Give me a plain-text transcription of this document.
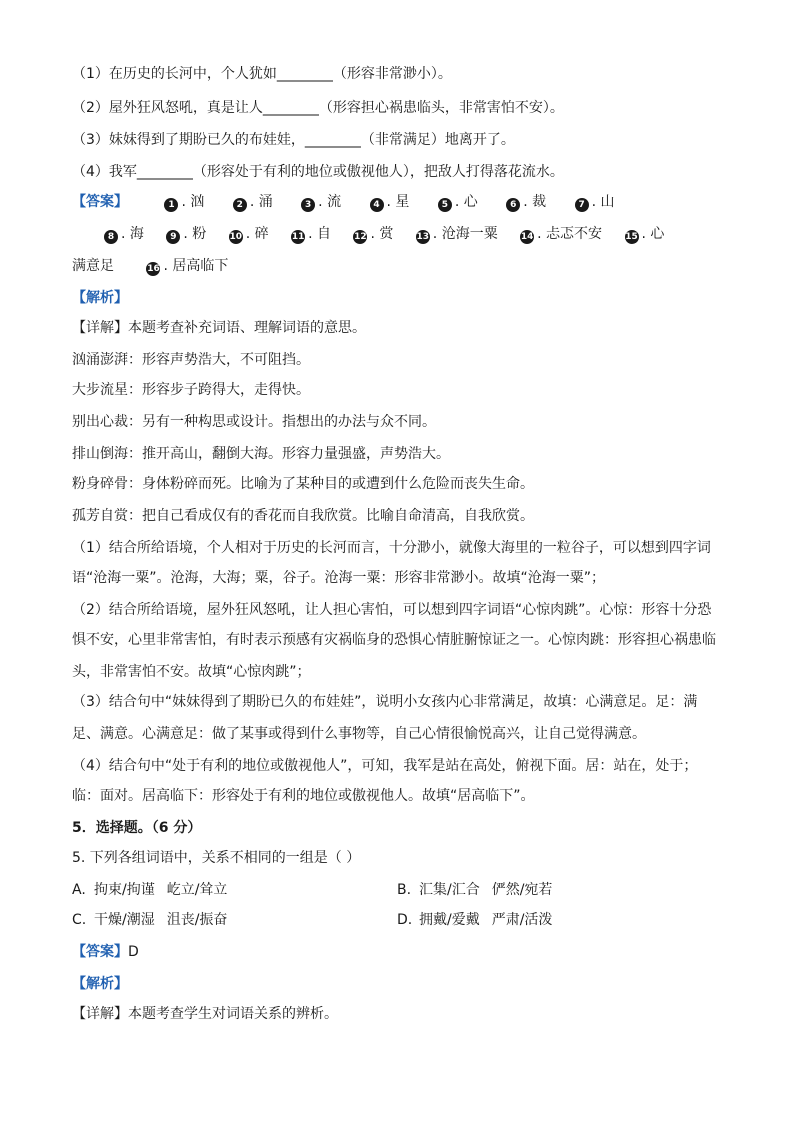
（1）在历史的长河中，个人犹如________（形容非常渺小）。
（2）屋外狂风怒吼，真是让人________（形容担心祸患临头，非常害怕不安）。
（3）妹妹得到了期盼已久的布娃娃，________（非常满足）地离开了。
（4）我军________（形容处于有利的地位或傲视他人），把敌人打得落花流水。
【答案】	1 . 汹	2 . 涌	3 . 流	4 . 星	5 . 心	6 . 裁	7 . 山
8 . 海	9 . 粉	10 . 碎	11 . 自	12 . 赏	13 . 沧海一粟	14 . 忐忑不安	15 . 心
满意足	16 . 居高临下
【解析】
【详解】本题考查补充词语、理解词语的意思。
汹涌澎湃：形容声势浩大，不可阻挡。
大步流星：形容步子跨得大，走得快。
别出心裁：另有一种构思或设计。指想出的办法与众不同。
排山倒海：推开高山，翻倒大海。形容力量强盛，声势浩大。
粉身碎骨：身体粉碎而死。比喻为了某种目的或遭到什么危险而丧失生命。
孤芳自赏：把自己看成仅有的香花而自我欣赏。比喻自命清高，自我欣赏。
（1）结合所给语境，个人相对于历史的长河而言，十分渺小，就像大海里的一粒谷子，可以想到四字词
语“沧海一粟”。沧海，大海；粟，谷子。沧海一粟：形容非常渺小。故填“沧海一粟”；
（2）结合所给语境，屋外狂风怒吼，让人担心害怕，可以想到四字词语“心惊肉跳”。心惊：形容十分恐
惧不安，心里非常害怕，有时表示预感有灾祸临身的恐惧心情脏腑惊证之一。心惊肉跳：形容担心祸患临
头，非常害怕不安。故填“心惊肉跳”；
（3）结合句中“妹妹得到了期盼已久的布娃娃”，说明小女孩内心非常满足，故填：心满意足。足：满
足、满意。心满意足：做了某事或得到什么事物等，自己心情很愉悦高兴，让自己觉得满意。
（4）结合句中“处于有利的地位或傲视他人”，可知，我军是站在高处，俯视下面。居：站在，处于；
临：面对。居高临下：形容处于有利的地位或傲视他人。故填“居高临下”。
5．选择题。（6 分）
5. 下列各组词语中，关系不相同的一组是（ ）
A. 拘束/拘谨 屹立/耸立	B. 汇集/汇合 俨然/宛若
C. 干燥/潮湿 沮丧/振奋	D. 拥戴/爱戴 严肃/活泼
【答案】D
【解析】
【详解】本题考查学生对词语关系的辨析。
